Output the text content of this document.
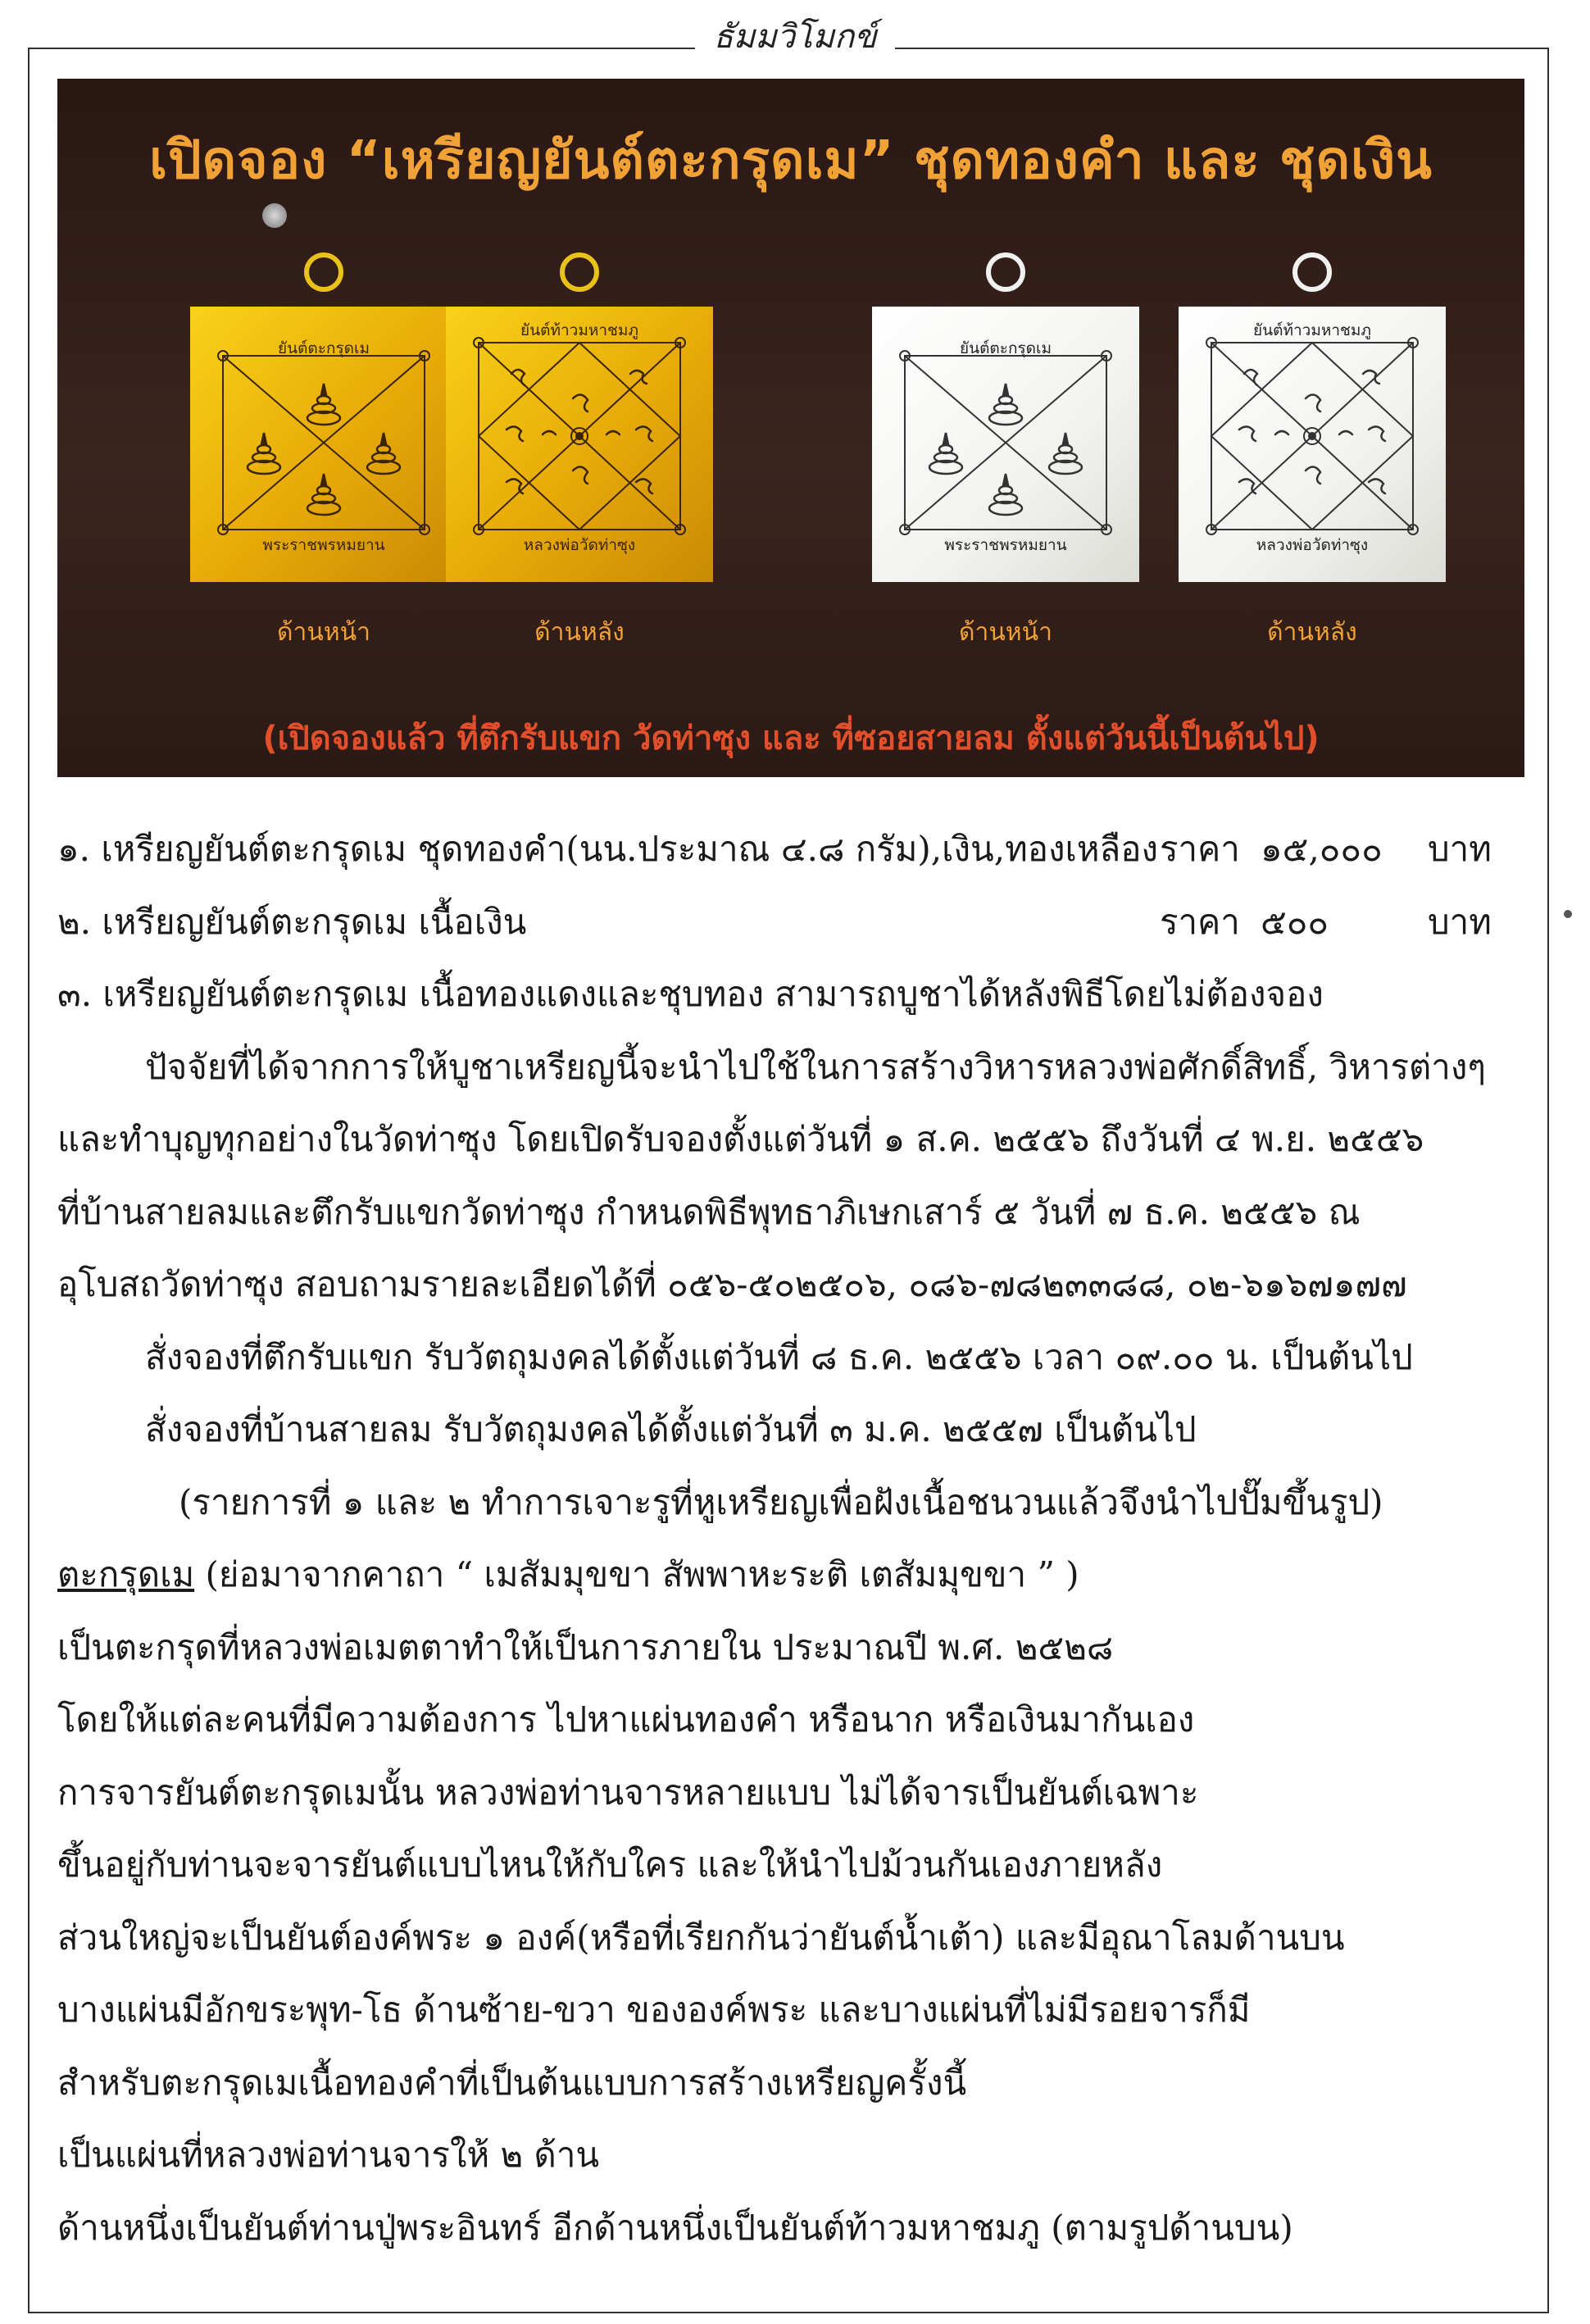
ธัมมวิโมกข์
เปิดจอง “เหรียญยันต์ตะกรุดเม” ชุดทองคำ และ ชุดเงิน
ยันต์ตะกรุดเม
พระราชพรหมยาน
ด้านหน้า
ยันต์ท้าวมหาชมภู
หลวงพ่อวัดท่าซุง
ด้านหลัง
ยันต์ตะกรุดเม
พระราชพรหมยาน
ด้านหน้า
ยันต์ท้าวมหาชมภู
หลวงพ่อวัดท่าซุง
ด้านหลัง
(เปิดจองแล้ว ที่ตึกรับแขก วัดท่าซุง และ ที่ซอยสายลม ตั้งแต่วันนี้เป็นต้นไป)
๑. เหรียญยันต์ตะกรุดเม ชุดทองคำ(นน.ประมาณ ๔.๘ กรัม),เงิน,ทองเหลือง ราคา ๑๕,๐๐๐ บาท
๒. เหรียญยันต์ตะกรุดเม เนื้อเงิน	ราคา ๕๐๐	บาท
๓. เหรียญยันต์ตะกรุดเม เนื้อทองแดงและชุบทอง สามารถบูชาได้หลังพิธีโดยไม่ต้องจอง
ปัจจัยที่ได้จากการให้บูชาเหรียญนี้จะนำไปใช้ในการสร้างวิหารหลวงพ่อศักดิ์สิทธิ์, วิหารต่างๆ
และทำบุญทุกอย่างในวัดท่าซุง โดยเปิดรับจองตั้งแต่วันที่ ๑ ส.ค. ๒๕๕๖ ถึงวันที่ ๔ พ.ย. ๒๕๕๖
ที่บ้านสายลมและตึกรับแขกวัดท่าซุง กำหนดพิธีพุทธาภิเษกเสาร์ ๕ วันที่ ๗ ธ.ค. ๒๕๕๖ ณ
อุโบสถวัดท่าซุง สอบถามรายละเอียดได้ที่ ๐๕๖-๕๐๒๕๐๖, ๐๘๖-๗๘๒๓๓๘๘, ๐๒-๖๑๖๗๑๗๗
สั่งจองที่ตึกรับแขก รับวัตถุมงคลได้ตั้งแต่วันที่ ๘ ธ.ค. ๒๕๕๖ เวลา ๐๙.๐๐ น. เป็นต้นไป
สั่งจองที่บ้านสายลม รับวัตถุมงคลได้ตั้งแต่วันที่ ๓ ม.ค. ๒๕๕๗ เป็นต้นไป
(รายการที่ ๑ และ ๒ ทำการเจาะรูที่หูเหรียญเพื่อฝังเนื้อชนวนแล้วจึงนำไปปั๊มขึ้นรูป)
ตะกรุดเม (ย่อมาจากคาถา “ เมสัมมุขขา สัพพาหะระติ เตสัมมุขขา ” )
เป็นตะกรุดที่หลวงพ่อเมตตาทำให้เป็นการภายใน ประมาณปี พ.ศ. ๒๕๒๘
โดยให้แต่ละคนที่มีความต้องการ ไปหาแผ่นทองคำ หรือนาก หรือเงินมากันเอง
การจารยันต์ตะกรุดเมนั้น หลวงพ่อท่านจารหลายแบบ ไม่ได้จารเป็นยันต์เฉพาะ
ขึ้นอยู่กับท่านจะจารยันต์แบบไหนให้กับใคร และให้นำไปม้วนกันเองภายหลัง
ส่วนใหญ่จะเป็นยันต์องค์พระ ๑ องค์(หรือที่เรียกกันว่ายันต์น้ำเต้า) และมีอุณาโลมด้านบน
บางแผ่นมีอักขระพุท-โธ ด้านซ้าย-ขวา ขององค์พระ และบางแผ่นที่ไม่มีรอยจารก็มี
สำหรับตะกรุดเมเนื้อทองคำที่เป็นต้นแบบการสร้างเหรียญครั้งนี้
เป็นแผ่นที่หลวงพ่อท่านจารให้ ๒ ด้าน
ด้านหนึ่งเป็นยันต์ท่านปู่พระอินทร์ อีกด้านหนึ่งเป็นยันต์ท้าวมหาชมภู (ตามรูปด้านบน)
